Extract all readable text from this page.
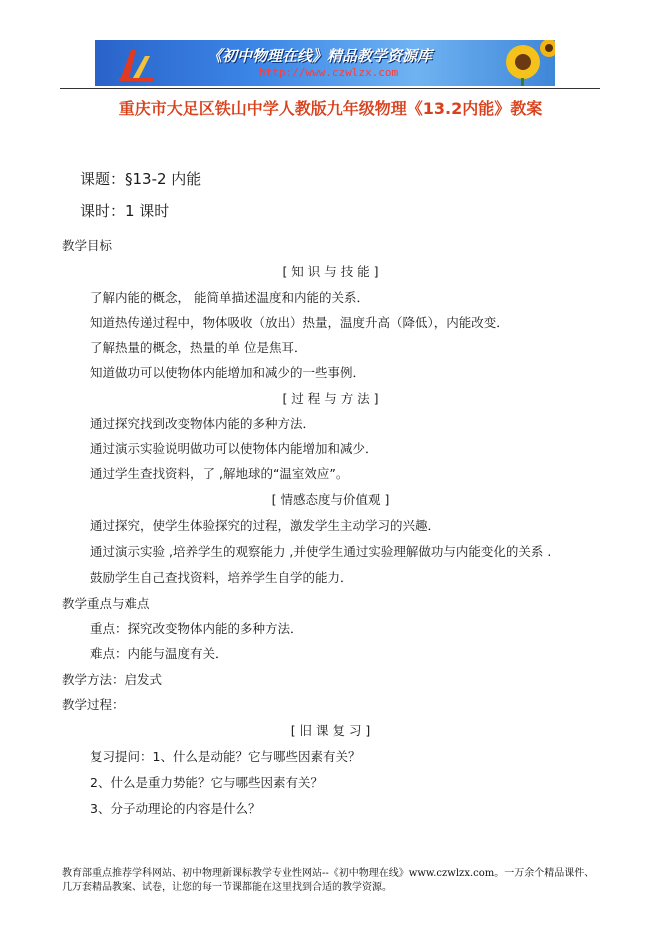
《初中物理在线》精品教学资源库
http://www.czwlzx.com
重庆市大足区铁山中学人教版九年级物理《13.2内能》教案
课题：§13-2 内能
课时：1 课时
教学目标
[ 知 识 与 技 能 ]
了解内能的概念， 能简单描述温度和内能的关系．
知道热传递过程中，物体吸收（放出）热量，温度升高（降低），内能改变．
了解热量的概念，热量的单 位是焦耳．
知道做功可以使物体内能增加和减少的一些事例．
[ 过 程 与 方 法 ]
通过探究找到改变物体内能的多种方法．
通过演示实验说明做功可以使物体内能增加和减少．
通过学生查找资料，了 ,解地球的“温室效应”。
[ 情感态度与价值观 ]
通过探究，使学生体验探究的过程，激发学生主动学习的兴趣．
通过演示实验 ,培养学生的观察能力 ,并使学生通过实验理解做功与内能变化的关系 .
鼓励学生自己查找资料，培养学生自学的能力．
教学重点与难点
重点：探究改变物体内能的多种方法．
难点：内能与温度有关．
教学方法：启发式
教学过程：
[ 旧 课 复 习 ]
复习提问：1、什么是动能？它与哪些因素有关？
2、什么是重力势能？它与哪些因素有关？
3、分子动理论的内容是什么？
教育部重点推荐学科网站、初中物理新课标教学专业性网站--《初中物理在线》www.czwlzx.com。一万余个精品课件、
几万套精品教案、试卷，让您的每一节课都能在这里找到合适的教学资源。
